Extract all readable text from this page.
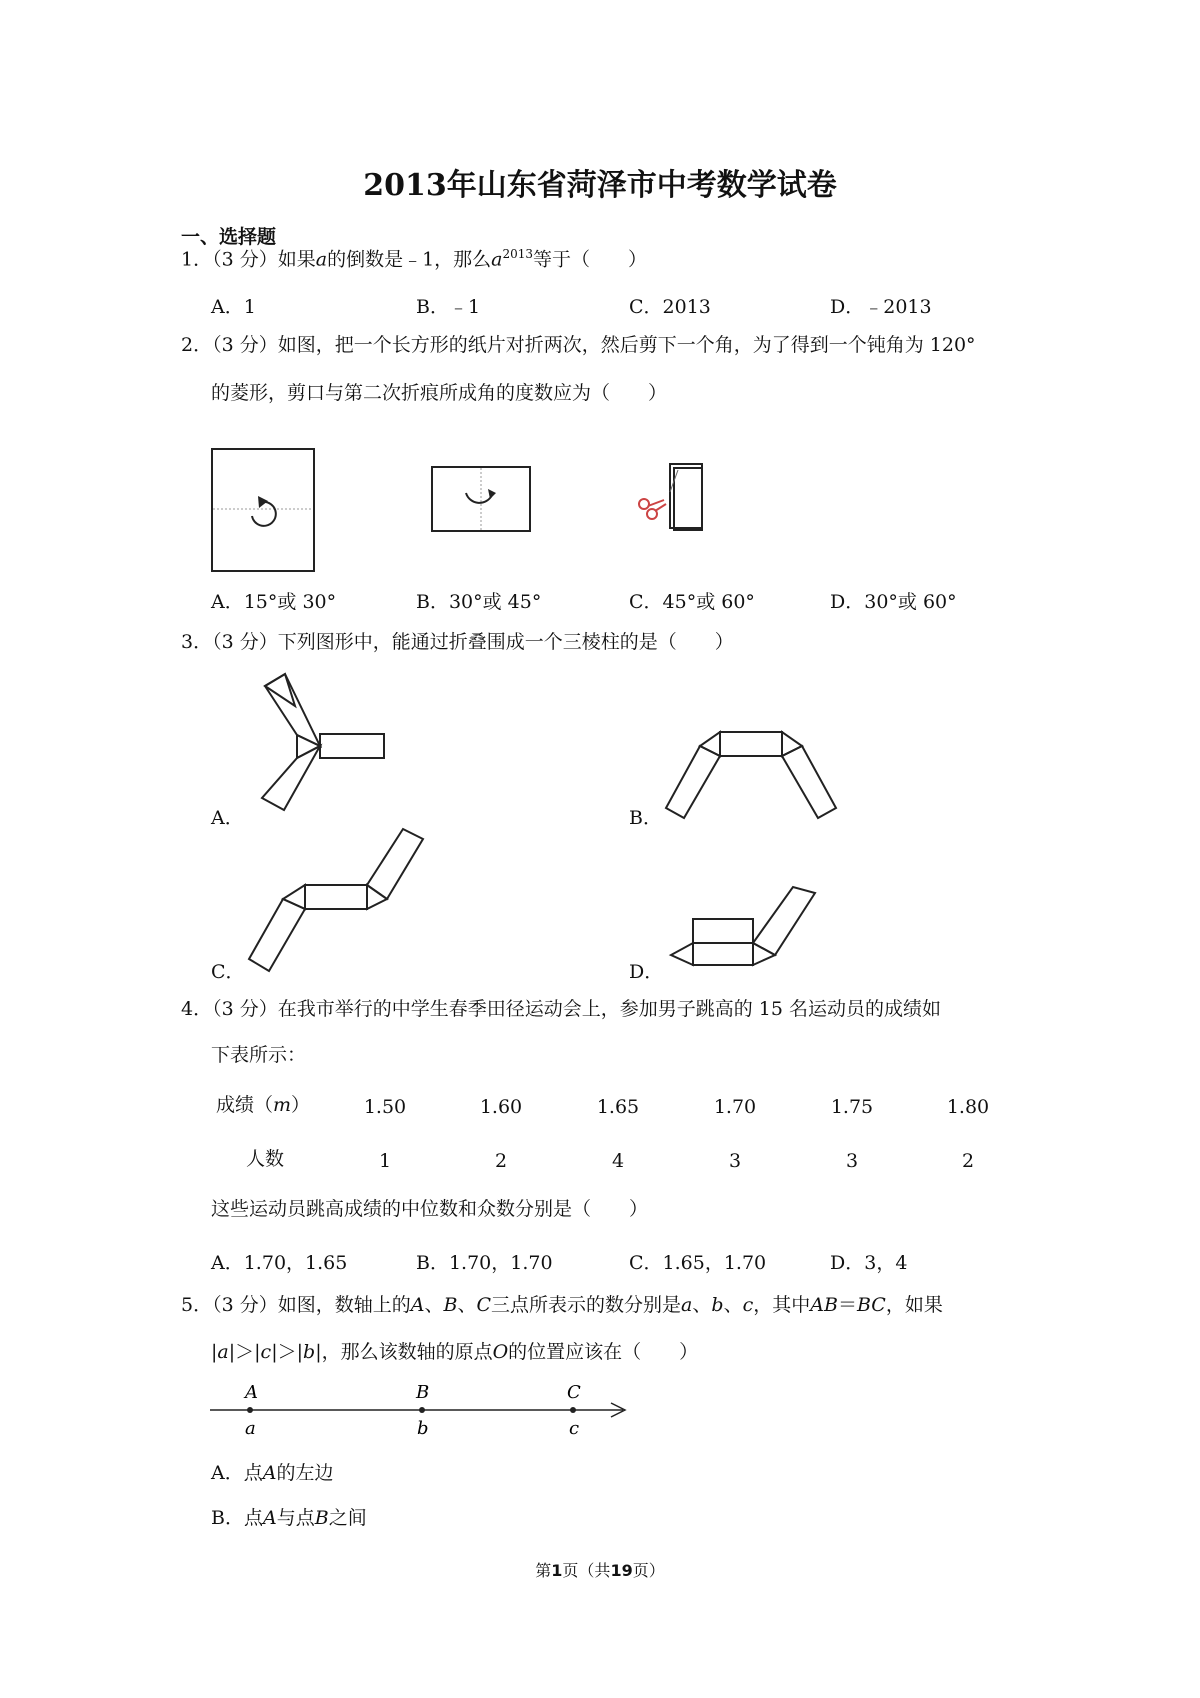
2013年山东省菏泽市中考数学试卷
一、选择题
1．（3 分）如果a的倒数是﹣1，那么$a^{2013}$等于（　　）
A．1	B．﹣1	C．2013	D．﹣2013
2．（3 分）如图，把一个长方形的纸片对折两次，然后剪下一个角，为了得到一个钝角为 120°
的菱形，剪口与第二次折痕所成角的度数应为（　　）
A．15°或 30°	B．30°或 45°	C．45°或 60°	D．30°或 60°
3．（3 分）下列图形中，能通过折叠围成一个三棱柱的是（　　）
A．	B．
C．	D．
4．（3 分）在我市举行的中学生春季田径运动会上，参加男子跳高的 15 名运动员的成绩如
下表所示：
成绩（m）	1.50	1.60	1.65	1.70	1.75	1.80
人数	1	2	4	3	3	2
这些运动员跳高成绩的中位数和众数分别是（　　）
A．1.70，1.65	B．1.70，1.70	C．1.65，1.70	D．3，4
5．（3 分）如图，数轴上的A、B、C三点所表示的数分别是a、b、c，其中AB＝BC，如果
|a|＞|c|＞|b|，那么该数轴的原点O的位置应该在（　　）
A	B	C
a	b	c
A．点A的左边
B．点A与点B之间
第1页（共19页）
